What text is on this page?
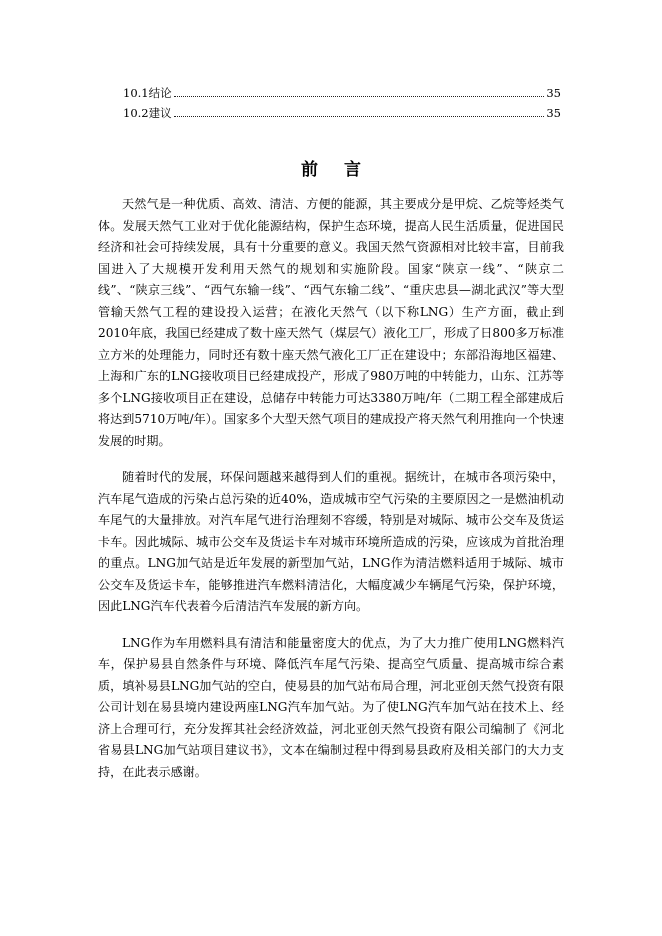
10.1结论	35
10.2建议	35
前 言

天然气是一种优质、高效、清洁、方便的能源，其主要成分是甲烷、乙烷等烃类气体。发展天然气工业对于优化能源结构，保护生态环境，提高人民生活质量，促进国民经济和社会可持续发展，具有十分重要的意义。我国天然气资源相对比较丰富，目前我国进入了大规模开发利用天然气的规划和实施阶段。国家“陕京一线”、“陕京二线”、“陕京三线”、“西气东输一线”、“西气东输二线”、“重庆忠县—湖北武汉”等大型管输天然气工程的建设投入运营；在液化天然气（以下称LNG）生产方面，截止到2010年底，我国已经建成了数十座天然气（煤层气）液化工厂，形成了日800多万标准立方米的处理能力，同时还有数十座天然气液化工厂正在建设中；东部沿海地区福建、上海和广东的LNG接收项目已经建成投产，形成了980万吨的中转能力，山东、江苏等多个LNG接收项目正在建设，总储存中转能力可达3380万吨/年（二期工程全部建成后将达到5710万吨/年）。国家多个大型天然气项目的建成投产将天然气利用推向一个快速发展的时期。

随着时代的发展，环保问题越来越得到人们的重视。据统计，在城市各项污染中，汽车尾气造成的污染占总污染的近40%，造成城市空气污染的主要原因之一是燃油机动车尾气的大量排放。对汽车尾气进行治理刻不容缓，特别是对城际、城市公交车及货运卡车。因此城际、城市公交车及货运卡车对城市环境所造成的污染，应该成为首批治理的重点。LNG加气站是近年发展的新型加气站，LNG作为清洁燃料适用于城际、城市公交车及货运卡车，能够推进汽车燃料清洁化，大幅度减少车辆尾气污染，保护环境，因此LNG汽车代表着今后清洁汽车发展的新方向。

LNG作为车用燃料具有清洁和能量密度大的优点，为了大力推广使用LNG燃料汽车，保护易县自然条件与环境、降低汽车尾气污染、提高空气质量、提高城市综合素质，填补易县LNG加气站的空白，使易县的加气站布局合理，河北亚创天然气投资有限公司计划在易县境内建设两座LNG汽车加气站。为了使LNG汽车加气站在技术上、经济上合理可行，充分发挥其社会经济效益，河北亚创天然气投资有限公司编制了《河北省易县LNG加气站项目建议书》，文本在编制过程中得到易县政府及相关部门的大力支持，在此表示感谢。
